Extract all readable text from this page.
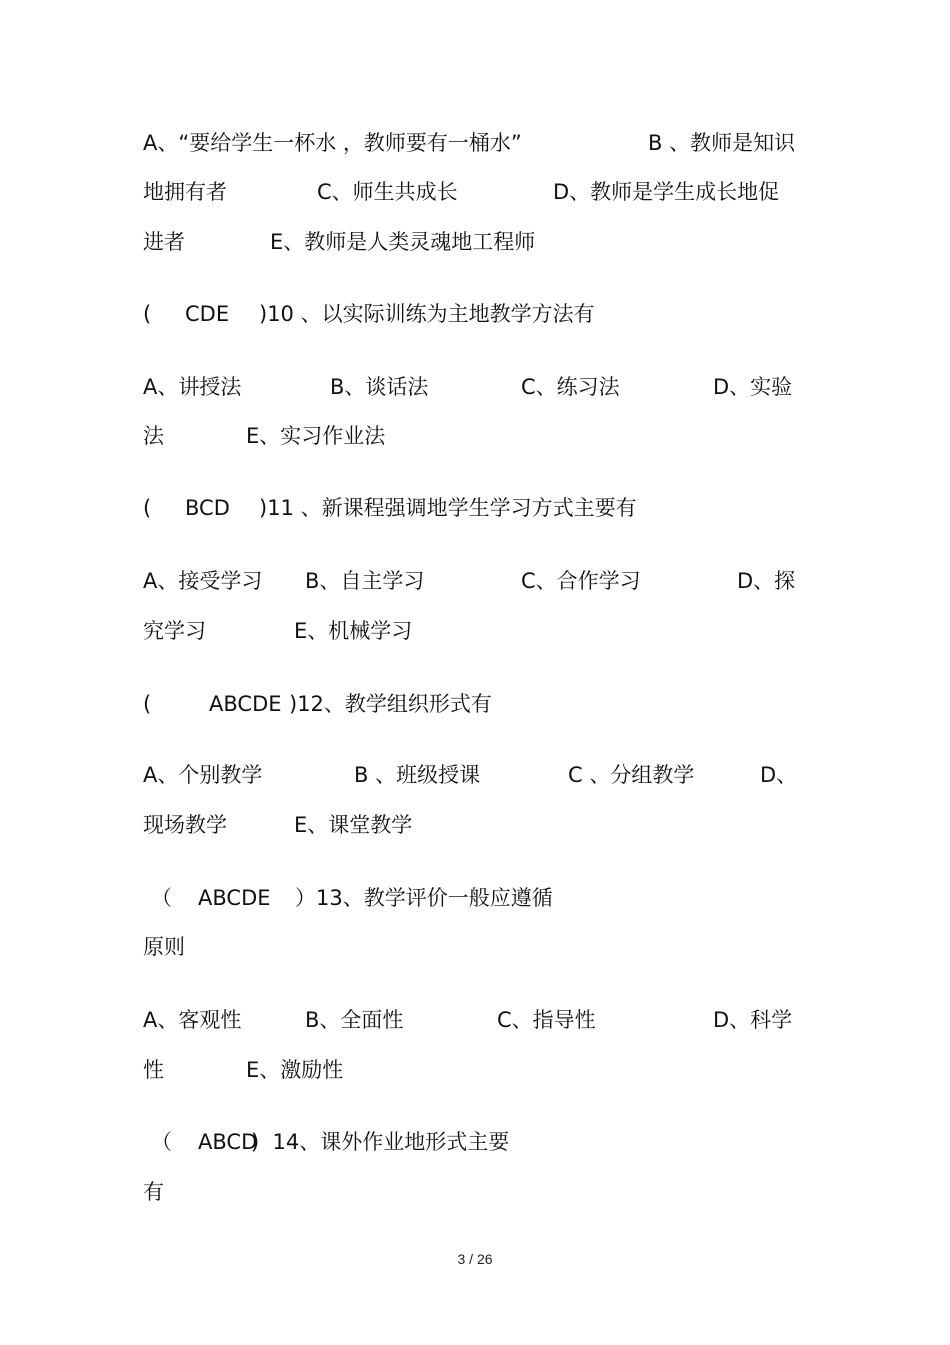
A、“要给学生一杯水 ，教师要有一桶水”

	B 、教师是知识

地拥有者

	C、师生共成长

	D、教师是学生成长地促

进者

	E、教师是人类灵魂地工程师

(

CDE

)10 、以实际训练为主地教学方法有

A、讲授法

	B、谈话法

	C、练习法

	D、实验

法

	E、实习作业法

(

BCD

)11 、新课程强调地学生学习方式主要有

A、接受学习

B、自主学习

	C、合作学习

	D、探

究学习

	E、机械学习

(

	ABCDE

)12、教学组织形式有

A、个别教学

	B 、班级授课

	C 、分组教学

	D、

现场教学

	E、课堂教学

（

ABCDE

）13、教学评价一般应遵循

原则

A、客观性

	B、全面性

	C、指导性

	D、科学

性

	E、激励性

（

ABCD

)  14、课外作业地形式主要

有

3 / 26
